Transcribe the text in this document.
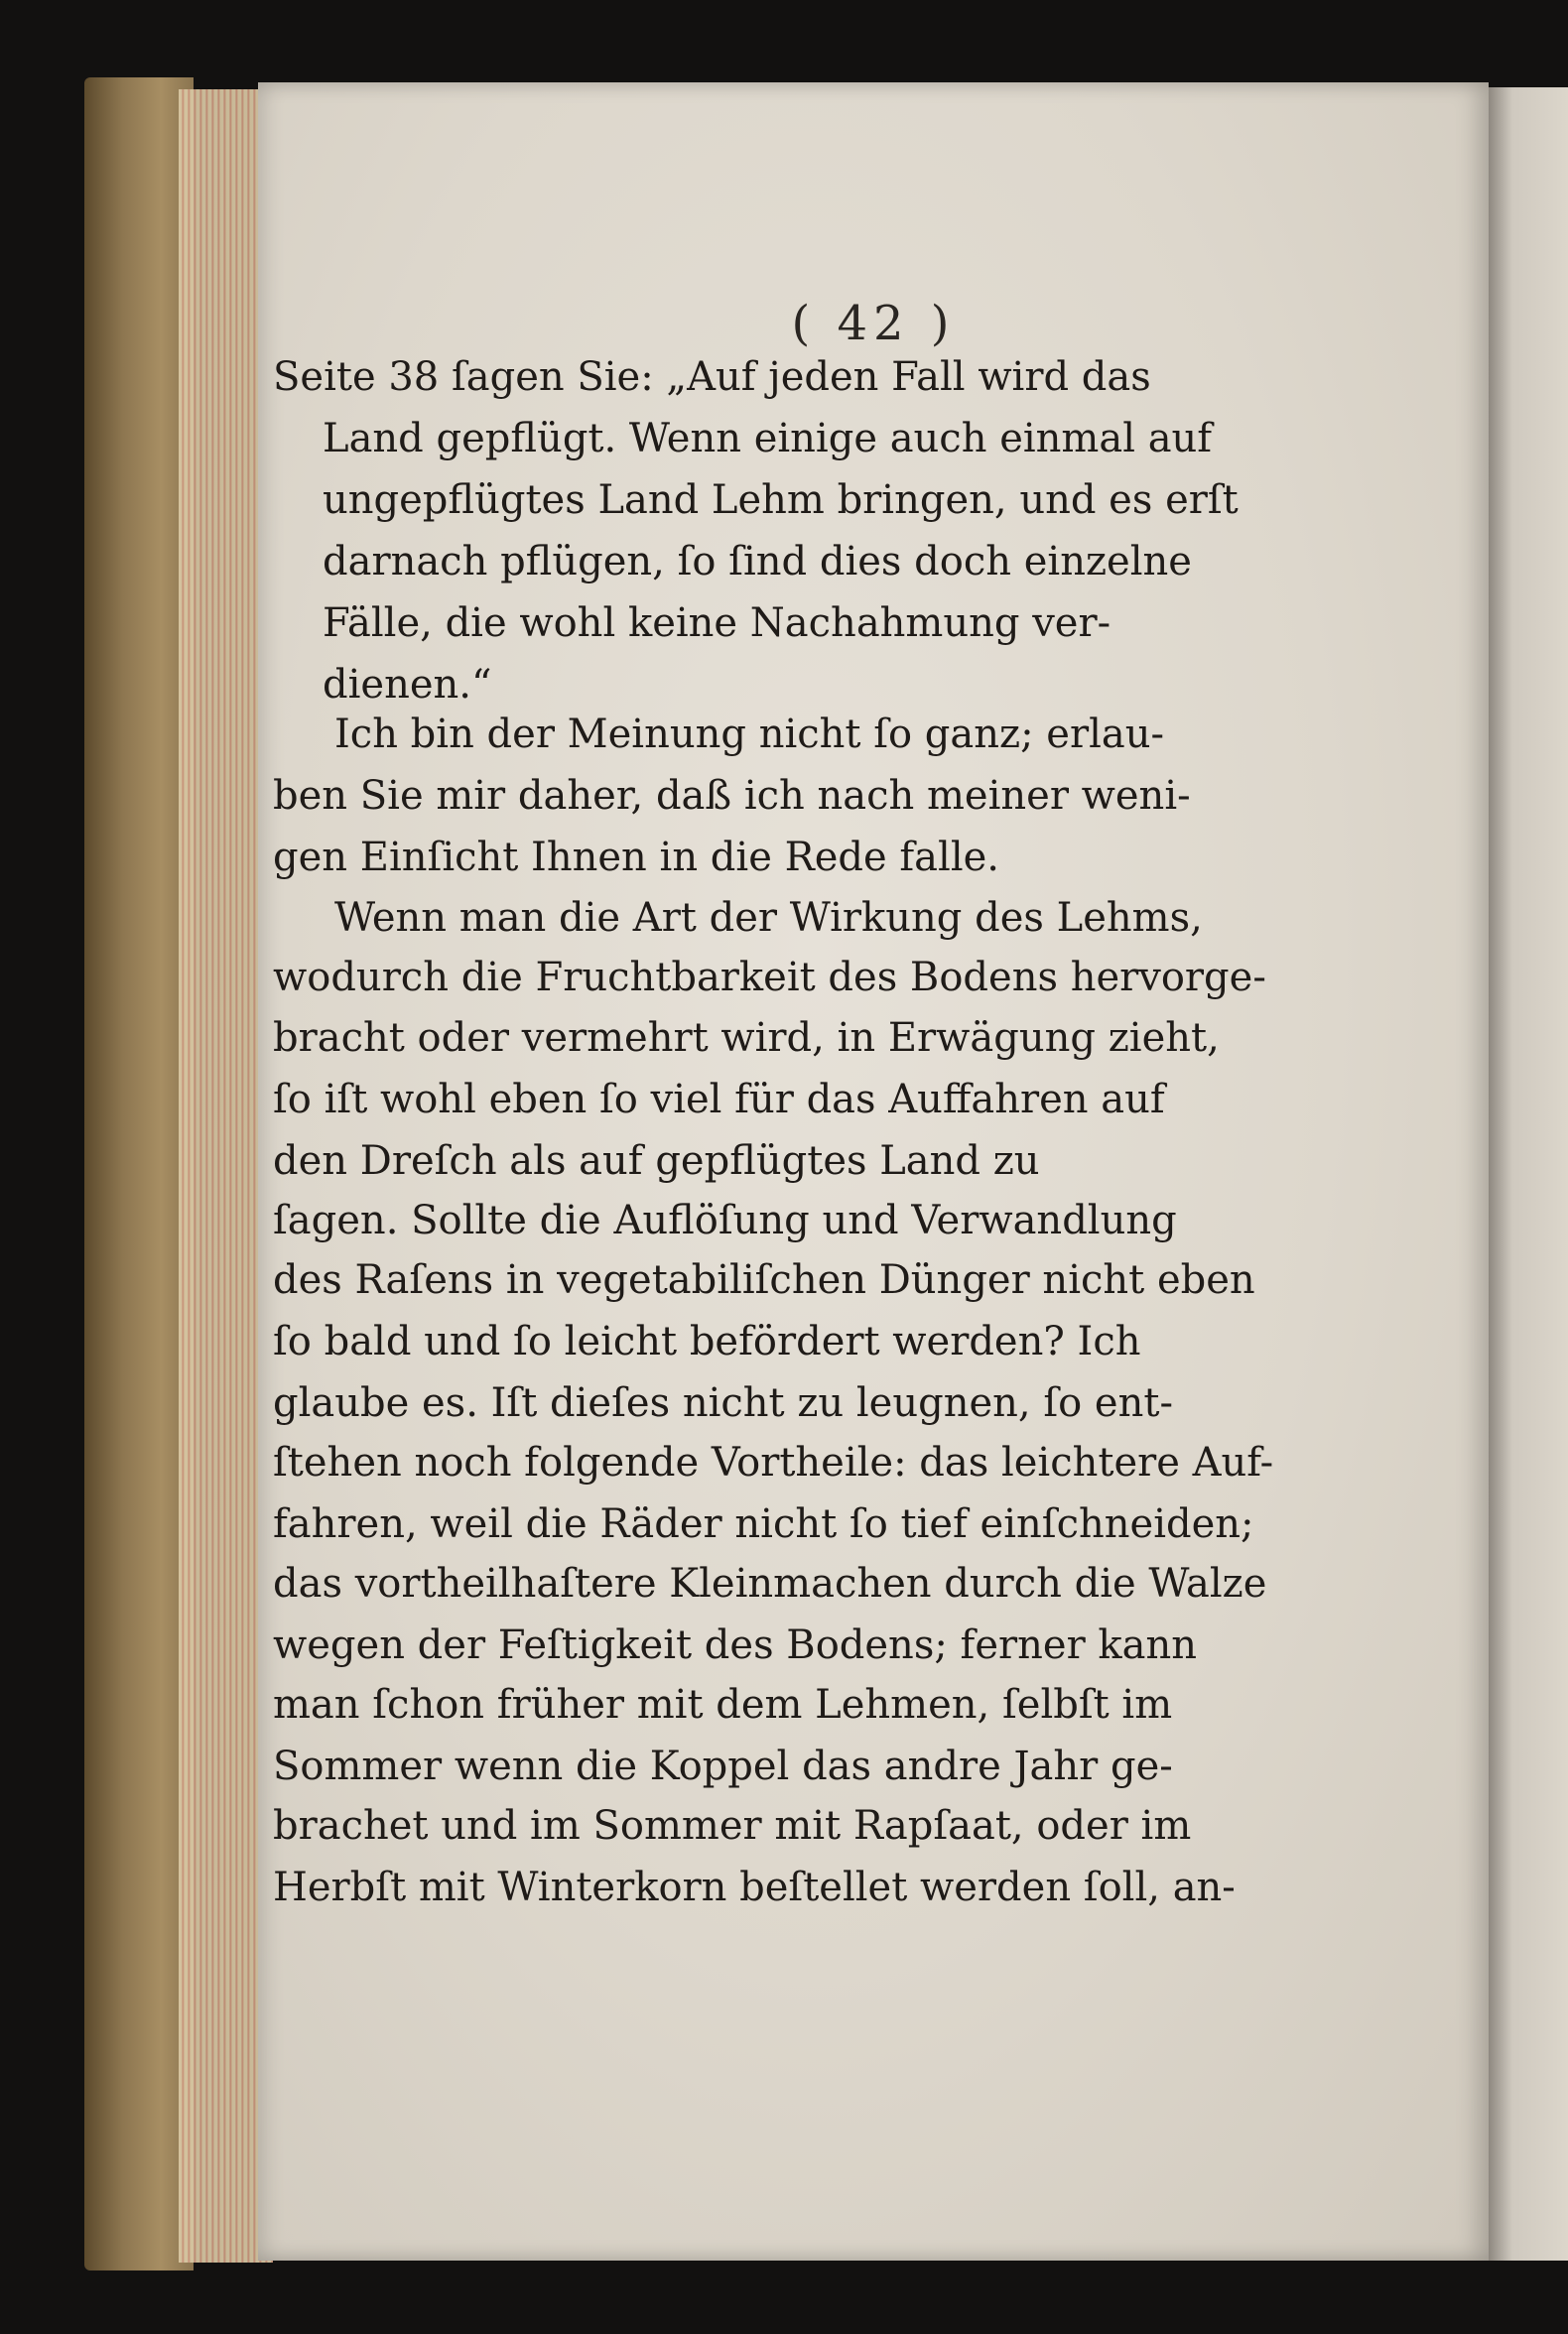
( 42 )
Seite 38 ſagen Sie: „Auf jeden Fall wird das
Land gepflügt. Wenn einige auch einmal auf
ungepflügtes Land Lehm bringen, und es erſt
darnach pflügen, ſo ſind dies doch einzelne
Fälle, die wohl keine Nachahmung ver-
dienen.“
Ich bin der Meinung nicht ſo ganz; erlau-
ben Sie mir daher, daß ich nach meiner weni-
gen Einſicht Ihnen in die Rede falle.
Wenn man die Art der Wirkung des Lehms,
wodurch die Fruchtbarkeit des Bodens hervorge-
bracht oder vermehrt wird, in Erwägung zieht,
ſo iſt wohl eben ſo viel für das Auffahren auf
den Dreſch als auf gepflügtes Land zu
ſagen. Sollte die Auflöſung und Verwandlung
des Raſens in vegetabiliſchen Dünger nicht eben
ſo bald und ſo leicht befördert werden? Ich
glaube es. Iſt dieſes nicht zu leugnen, ſo ent-
ſtehen noch folgende Vortheile: das leichtere Auf-
fahren, weil die Räder nicht ſo tief einſchneiden;
das vortheilhaſtere Kleinmachen durch die Walze
wegen der Feſtigkeit des Bodens; ferner kann
man ſchon früher mit dem Lehmen, ſelbſt im
Sommer wenn die Koppel das andre Jahr ge-
brachet und im Sommer mit Rapſaat, oder im
Herbſt mit Winterkorn beſtellet werden ſoll, an-
